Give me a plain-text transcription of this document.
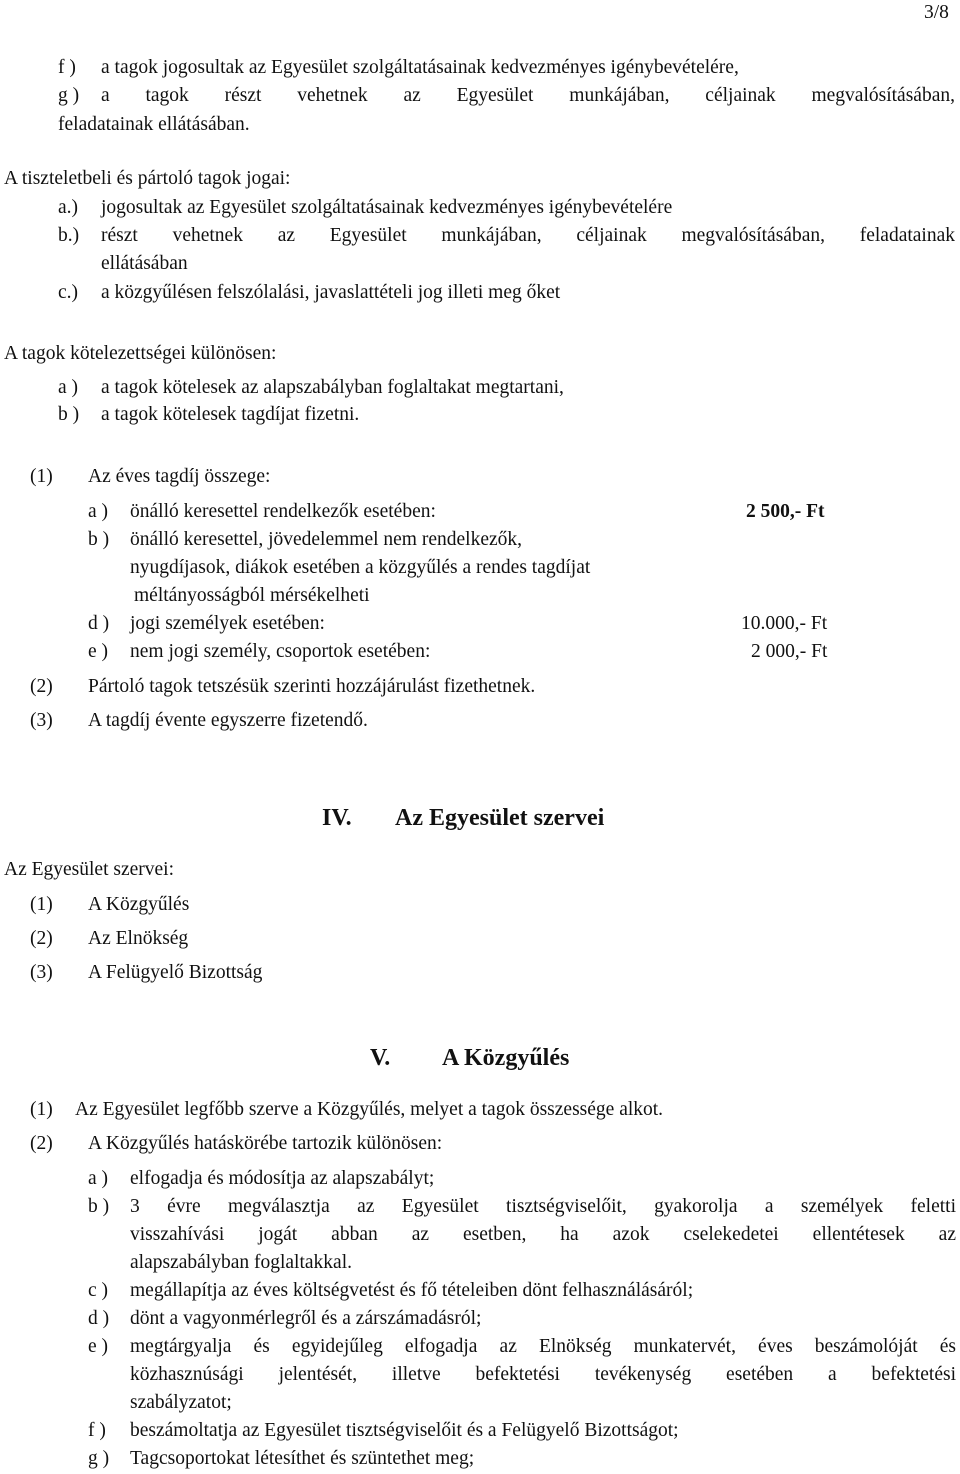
3/8
f ) a tagok jogosultak az Egyesület szolgáltatásainak kedvezményes igénybevételére,
g ) a tagok részt vehetnek az Egyesület munkájában, céljainak megvalósításában,
feladatainak ellátásában.
A tiszteletbeli és pártoló tagok jogai:
a.) jogosultak az Egyesület szolgáltatásainak kedvezményes igénybevételére
b.) részt vehetnek az Egyesület munkájában, céljainak megvalósításában, feladatainak
ellátásában
c.) a közgyűlésen felszólalási, javaslattételi jog illeti meg őket
A tagok kötelezettségei különösen:
a ) a tagok kötelesek az alapszabályban foglaltakat megtartani,
b ) a tagok kötelesek tagdíjat fizetni.
(1) Az éves tagdíj összege:
a ) önálló keresettel rendelkezők esetében:	2 500,- Ft
b ) önálló keresettel, jövedelemmel nem rendelkezők,
nyugdíjasok, diákok esetében a közgyűlés a rendes tagdíjat
méltányosságból mérsékelheti
d ) jogi személyek esetében:	10.000,- Ft
e ) nem jogi személy, csoportok esetében:	2 000,- Ft
(2) Pártoló tagok tetszésük szerinti hozzájárulást fizethetnek.
(3) A tagdíj évente egyszerre fizetendő.
IV. Az Egyesület szervei
Az Egyesület szervei:
(1) A Közgyűlés
(2) Az Elnökség
(3) A Felügyelő Bizottság
V. A Közgyűlés
(1) Az Egyesület legfőbb szerve a Közgyűlés, melyet a tagok összessége alkot.
(2) A Közgyűlés hatáskörébe tartozik különösen:
a ) elfogadja és módosítja az alapszabályt;
b ) 3 évre megválasztja az Egyesület tisztségviselőit, gyakorolja a személyek feletti
visszahívási jogát abban az esetben, ha azok cselekedetei ellentétesek az
alapszabályban foglaltakkal.
c ) megállapítja az éves költségvetést és fő tételeiben dönt felhasználásáról;
d ) dönt a vagyonmérlegről és a zárszámadásról;
e ) megtárgyalja és egyidejűleg elfogadja az Elnökség munkatervét, éves beszámolóját és
közhasznúsági jelentését, illetve befektetési tevékenység esetében a befektetési
szabályzatot;
f ) beszámoltatja az Egyesület tisztségviselőit és a Felügyelő Bizottságot;
g ) Tagcsoportokat létesíthet és szüntethet meg;
